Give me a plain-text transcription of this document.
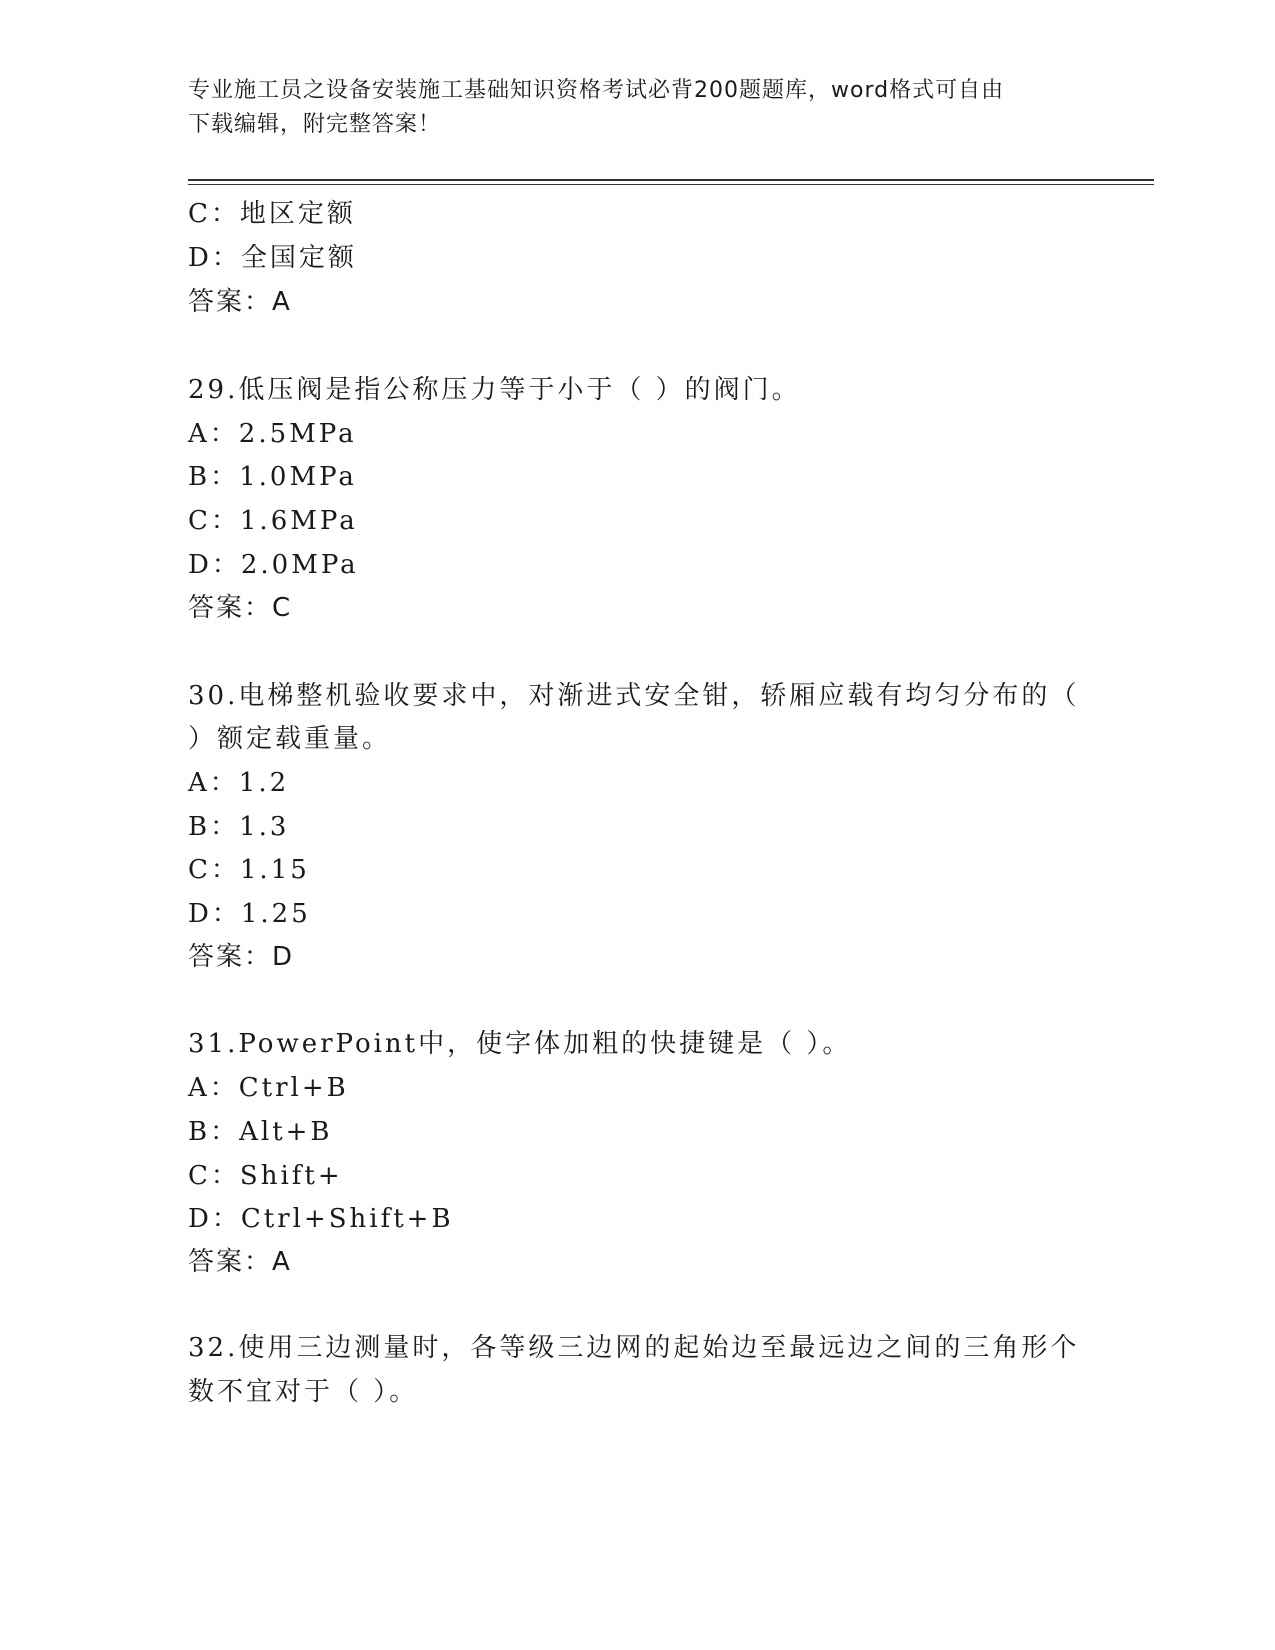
专业施工员之设备安装施工基础知识资格考试必背200题题库，word格式可自由
下载编辑，附完整答案！
C：地区定额
D：全国定额
答案：A
29.低压阀是指公称压力等于小于（ ）的阀门。
A：2.5MPa
B：1.0MPa
C：1.6MPa
D：2.0MPa
答案：C
30.电梯整机验收要求中，对渐进式安全钳，轿厢应载有均匀分布的（
）额定载重量。
A：1.2
B：1.3
C：1.15
D：1.25
答案：D
31.PowerPoint中，使字体加粗的快捷键是（ ）。
A：Ctrl+B
B：Alt+B
C：Shift+
D：Ctrl+Shift+B
答案：A
32.使用三边测量时，各等级三边网的起始边至最远边之间的三角形个
数不宜对于（ ）。
